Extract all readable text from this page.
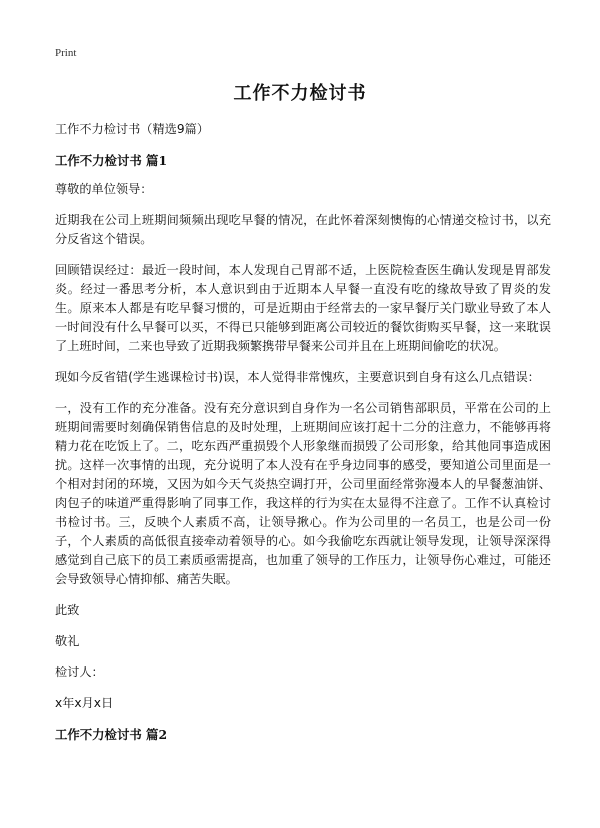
Print
工作不力检讨书

工作不力检讨书（精选9篇）

工作不力检讨书 篇1

尊敬的单位领导：

近期我在公司上班期间频频出现吃早餐的情况，在此怀着深刻懊悔的心情递交检讨书，以充分反省这个错误。

回顾错误经过：最近一段时间，本人发现自己胃部不适，上医院检查医生确认发现是胃部发炎。经过一番思考分析，本人意识到由于近期本人早餐一直没有吃的缘故导致了胃炎的发生。原来本人都是有吃早餐习惯的，可是近期由于经常去的一家早餐厅关门歇业导致了本人一时间没有什么早餐可以买，不得已只能够到距离公司较近的餐饮街购买早餐，这一来耽误了上班时间，二来也导致了近期我频繁携带早餐来公司并且在上班期间偷吃的状况。

现如今反省错(学生逃课检讨书)误，本人觉得非常愧疚，主要意识到自身有这么几点错误：

一，没有工作的充分准备。没有充分意识到自身作为一名公司销售部职员，平常在公司的上班期间需要时刻确保销售信息的及时处理，上班期间应该打起十二分的注意力，不能够再将精力花在吃饭上了。二，吃东西严重损毁个人形象继而损毁了公司形象，给其他同事造成困扰。这样一次事情的出现，充分说明了本人没有在乎身边同事的感受，要知道公司里面是一个相对封闭的环境，又因为如今天气炎热空调打开，公司里面经常弥漫本人的早餐葱油饼、肉包子的味道严重得影响了同事工作，我这样的行为实在太显得不注意了。工作不认真检讨书检讨书。三，反映个人素质不高，让领导揪心。作为公司里的一名员工，也是公司一份子，个人素质的高低很直接牵动着领导的心。如今我偷吃东西就让领导发现，让领导深深得感觉到自己底下的员工素质亟需提高，也加重了领导的工作压力，让领导伤心难过，可能还会导致领导心情抑郁、痛苦失眠。

此致

敬礼

检讨人：

x年x月x日

工作不力检讨书 篇2
